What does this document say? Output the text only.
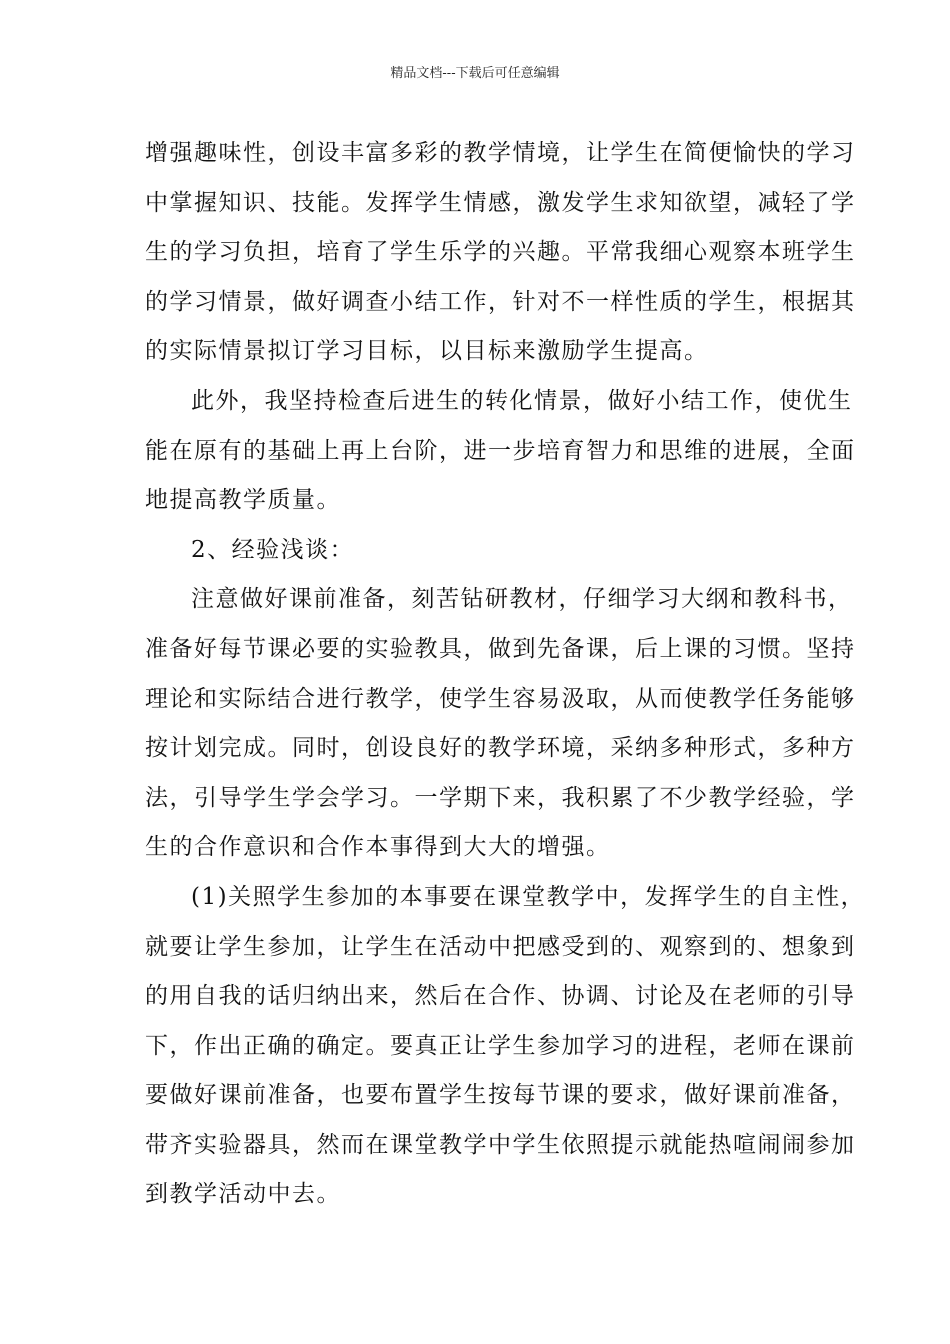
精品文档---下载后可任意编辑
增强趣味性，创设丰富多彩的教学情境，让学生在简便愉快的学习
中掌握知识、技能。发挥学生情感，激发学生求知欲望，减轻了学
生的学习负担，培育了学生乐学的兴趣。平常我细心观察本班学生
的学习情景，做好调查小结工作，针对不一样性质的学生，根据其
的实际情景拟订学习目标，以目标来激励学生提高。
此外，我坚持检查后进生的转化情景，做好小结工作，使优生
能在原有的基础上再上台阶，进一步培育智力和思维的进展，全面
地提高教学质量。
2、经验浅谈：
注意做好课前准备，刻苦钻研教材，仔细学习大纲和教科书，
准备好每节课必要的实验教具，做到先备课，后上课的习惯。坚持
理论和实际结合进行教学，使学生容易汲取，从而使教学任务能够
按计划完成。同时，创设良好的教学环境，采纳多种形式，多种方
法，引导学生学会学习。一学期下来，我积累了不少教学经验，学
生的合作意识和合作本事得到大大的增强。
(1)关照学生参加的本事要在课堂教学中，发挥学生的自主性，
就要让学生参加，让学生在活动中把感受到的、观察到的、想象到
的用自我的话归纳出来，然后在合作、协调、讨论及在老师的引导
下，作出正确的确定。要真正让学生参加学习的进程，老师在课前
要做好课前准备，也要布置学生按每节课的要求，做好课前准备，
带齐实验器具，然而在课堂教学中学生依照提示就能热喧闹闹参加
到教学活动中去。
